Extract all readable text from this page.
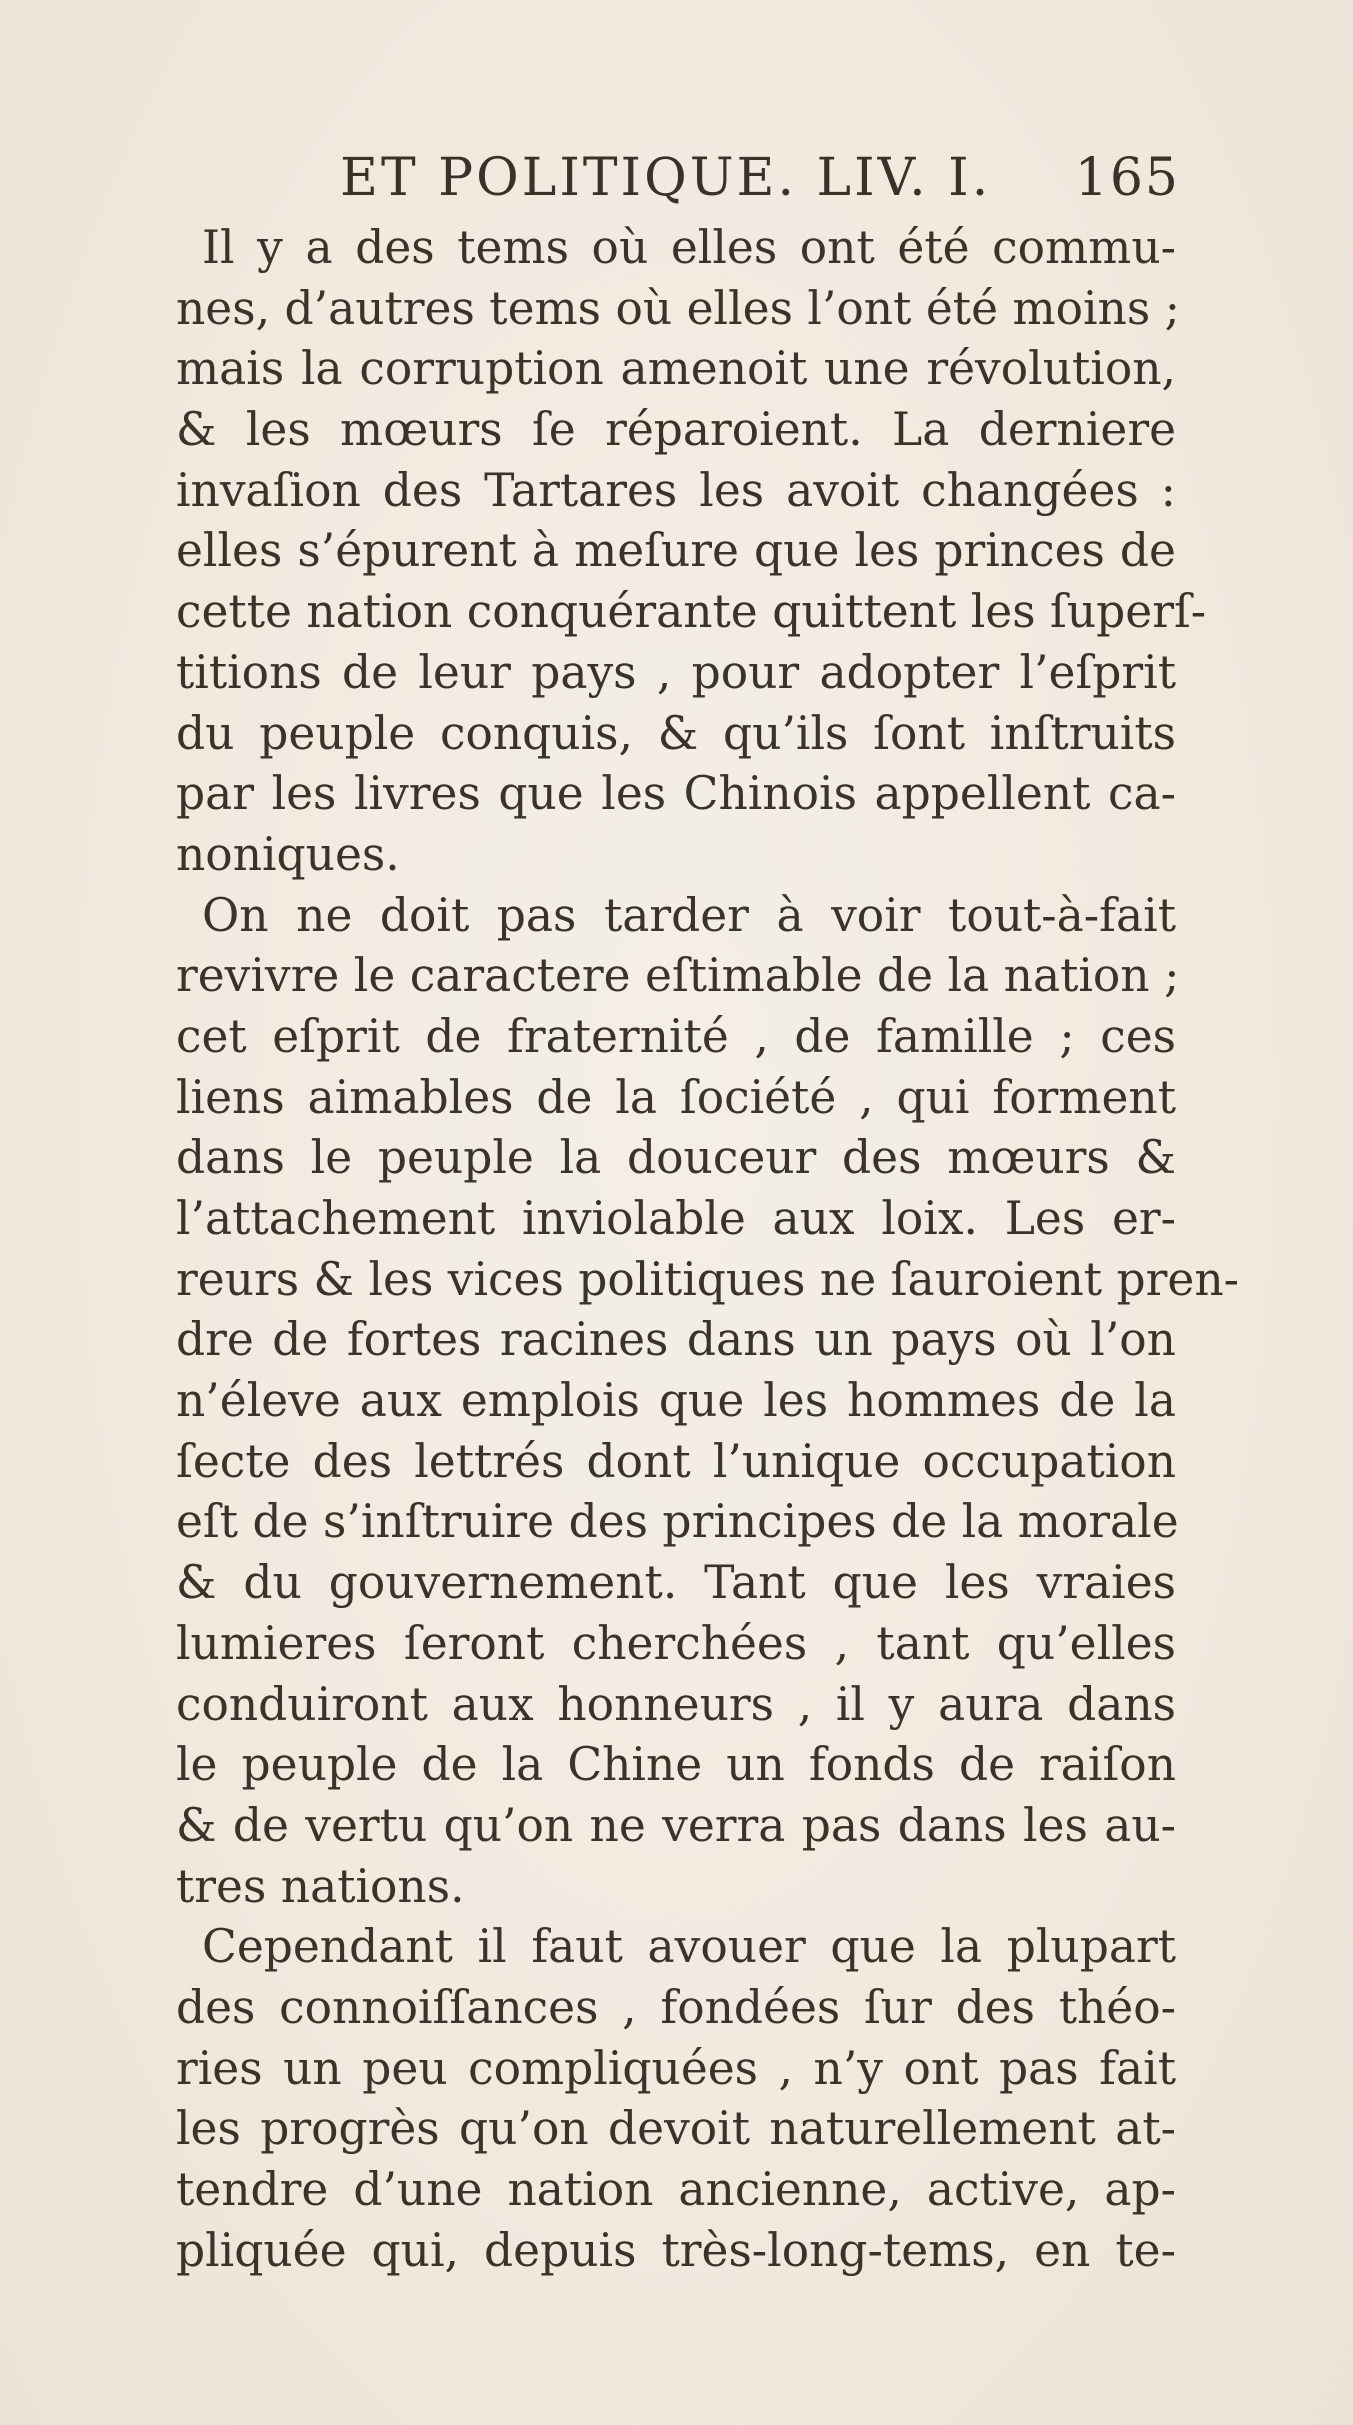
ET POLITIQUE. LIV. I. 165
Il y a des tems où elles ont été commu-
nes, d’autres tems où elles l’ont été moins ;
mais la corruption amenoit une révolution,
& les mœurs ſe réparoient. La derniere
invaſion des Tartares les avoit changées :
elles s’épurent à meſure que les princes de
cette nation conquérante quittent les ſuperſ-
titions de leur pays , pour adopter l’eſprit
du peuple conquis, & qu’ils ſont inſtruits
par les livres que les Chinois appellent ca-
noniques.
On ne doit pas tarder à voir tout-à-fait
revivre le caractere eſtimable de la nation ;
cet eſprit de fraternité , de famille ; ces
liens aimables de la ſociété , qui forment
dans le peuple la douceur des mœurs &
l’attachement inviolable aux loix. Les er-
reurs & les vices politiques ne ſauroient pren-
dre de fortes racines dans un pays où l’on
n’éleve aux emplois que les hommes de la
ſecte des lettrés dont l’unique occupation
eſt de s’inſtruire des principes de la morale
& du gouvernement. Tant que les vraies
lumieres ſeront cherchées , tant qu’elles
conduiront aux honneurs , il y aura dans
le peuple de la Chine un fonds de raiſon
& de vertu qu’on ne verra pas dans les au-
tres nations.
Cependant il faut avouer que la plupart
des connoiſſances , fondées ſur des théo-
ries un peu compliquées , n’y ont pas fait
les progrès qu’on devoit naturellement at-
tendre d’une nation ancienne, active, ap-
pliquée qui, depuis très-long-tems, en te-
